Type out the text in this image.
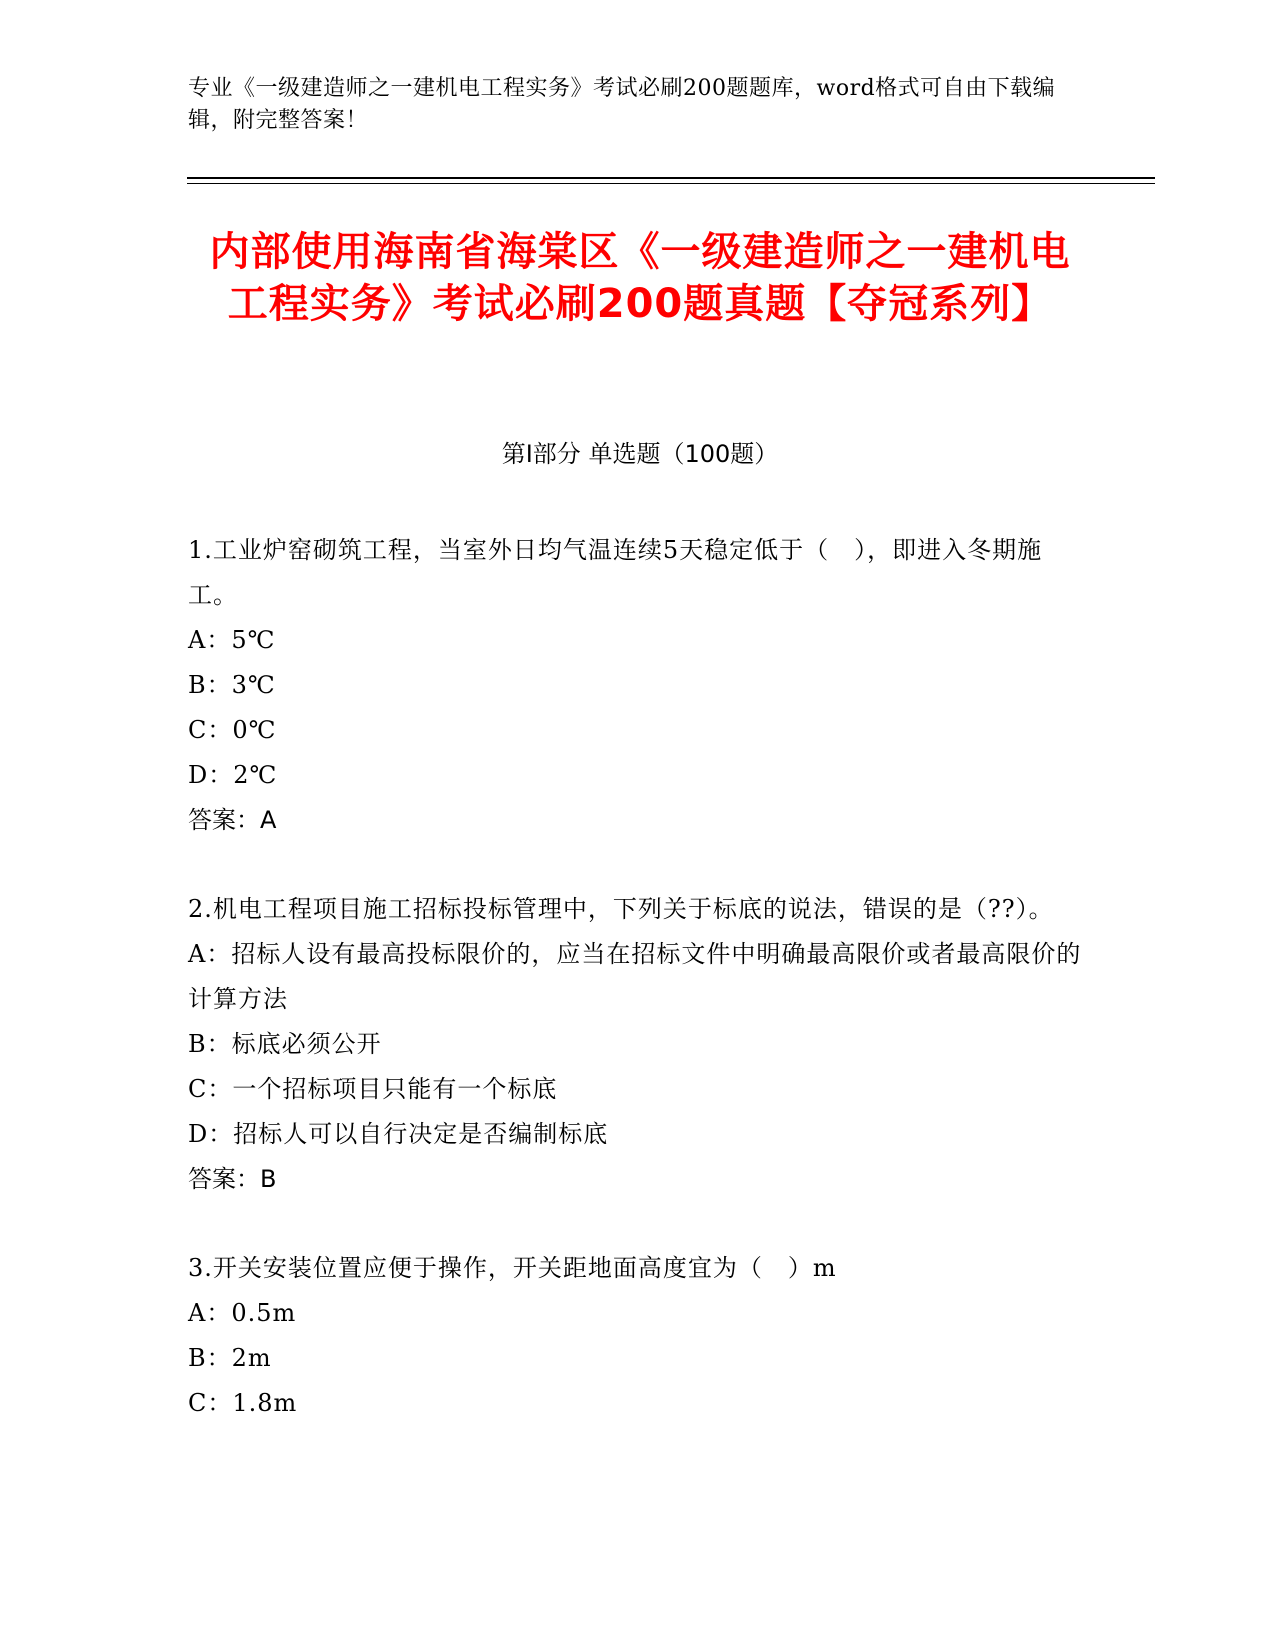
专业《一级建造师之一建机电工程实务》考试必刷200题题库，word格式可自由下载编辑，附完整答案！
内部使用海南省海棠区《一级建造师之一建机电工程实务》考试必刷200题真题【夺冠系列】
第Ⅰ部分 单选题（100题）
1.工业炉窑砌筑工程，当室外日均气温连续5天稳定低于（　），即进入冬期施工。
A：5℃
B：3℃
C：0℃
D：2℃
答案：A
2.机电工程项目施工招标投标管理中，下列关于标底的说法，错误的是（??）。
A：招标人设有最高投标限价的，应当在招标文件中明确最高限价或者最高限价的计算方法
B：标底必须公开
C：一个招标项目只能有一个标底
D：招标人可以自行决定是否编制标底
答案：B
3.开关安装位置应便于操作，开关距地面高度宜为（　）m
A：0.5m
B：2m
C：1.8m
